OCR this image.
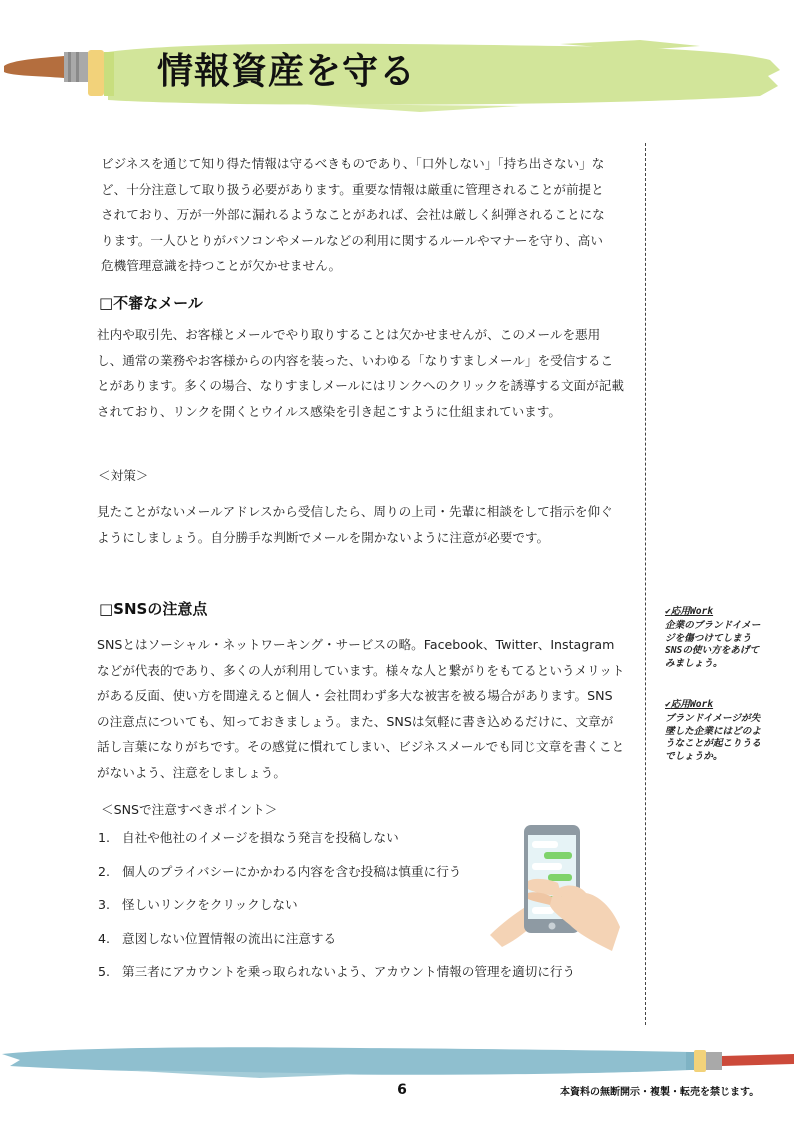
情報資産を守る

ビジネスを通じて知り得た情報は守るべきものであり、「口外しない」「持ち出さない」など、十分注意して取り扱う必要があります。重要な情報は厳重に管理されることが前提とされており、万が一外部に漏れるようなことがあれば、会社は厳しく糾弾されることになります。一人ひとりがパソコンやメールなどの利用に関するルールやマナーを守り、高い危機管理意識を持つことが欠かせません。

□不審なメール

社内や取引先、お客様とメールでやり取りすることは欠かせませんが、このメールを悪用し、通常の業務やお客様からの内容を装った、いわゆる「なりすましメール」を受信することがあります。多くの場合、なりすましメールにはリンクへのクリックを誘導する文面が記載されており、リンクを開くとウイルス感染を引き起こすように仕組まれています。

＜対策＞

見たことがないメールアドレスから受信したら、周りの上司・先輩に相談をして指示を仰ぐようにしましょう。自分勝手な判断でメールを開かないように注意が必要です。

□SNSの注意点

SNSとはソーシャル・ネットワーキング・サービスの略。Facebook、Twitter、Instagramなどが代表的であり、多くの人が利用しています。様々な人と繋がりをもてるというメリットがある反面、使い方を間違えると個人・会社問わず多大な被害を被る場合があります。SNSの注意点についても、知っておきましょう。また、SNSは気軽に書き込めるだけに、文章が話し言葉になりがちです。その感覚に慣れてしまい、ビジネスメールでも同じ文章を書くことがないよう、注意をしましょう。

＜SNSで注意すべきポイント＞
1. 自社や他社のイメージを損なう発言を投稿しない
2. 個人のプライバシーにかかわる内容を含む投稿は慎重に行う
3. 怪しいリンクをクリックしない
4. 意図しない位置情報の流出に注意する
5. 第三者にアカウントを乗っ取られないよう、アカウント情報の管理を適切に行う
✔応用Work
企業のブランドイメージを傷つけてしまうSNSの使い方をあげてみましょう。
✔応用Work
ブランドイメージが失墜した企業にはどのようなことが起こりうるでしょうか。
6	本資料の無断開示・複製・転売を禁じます。
